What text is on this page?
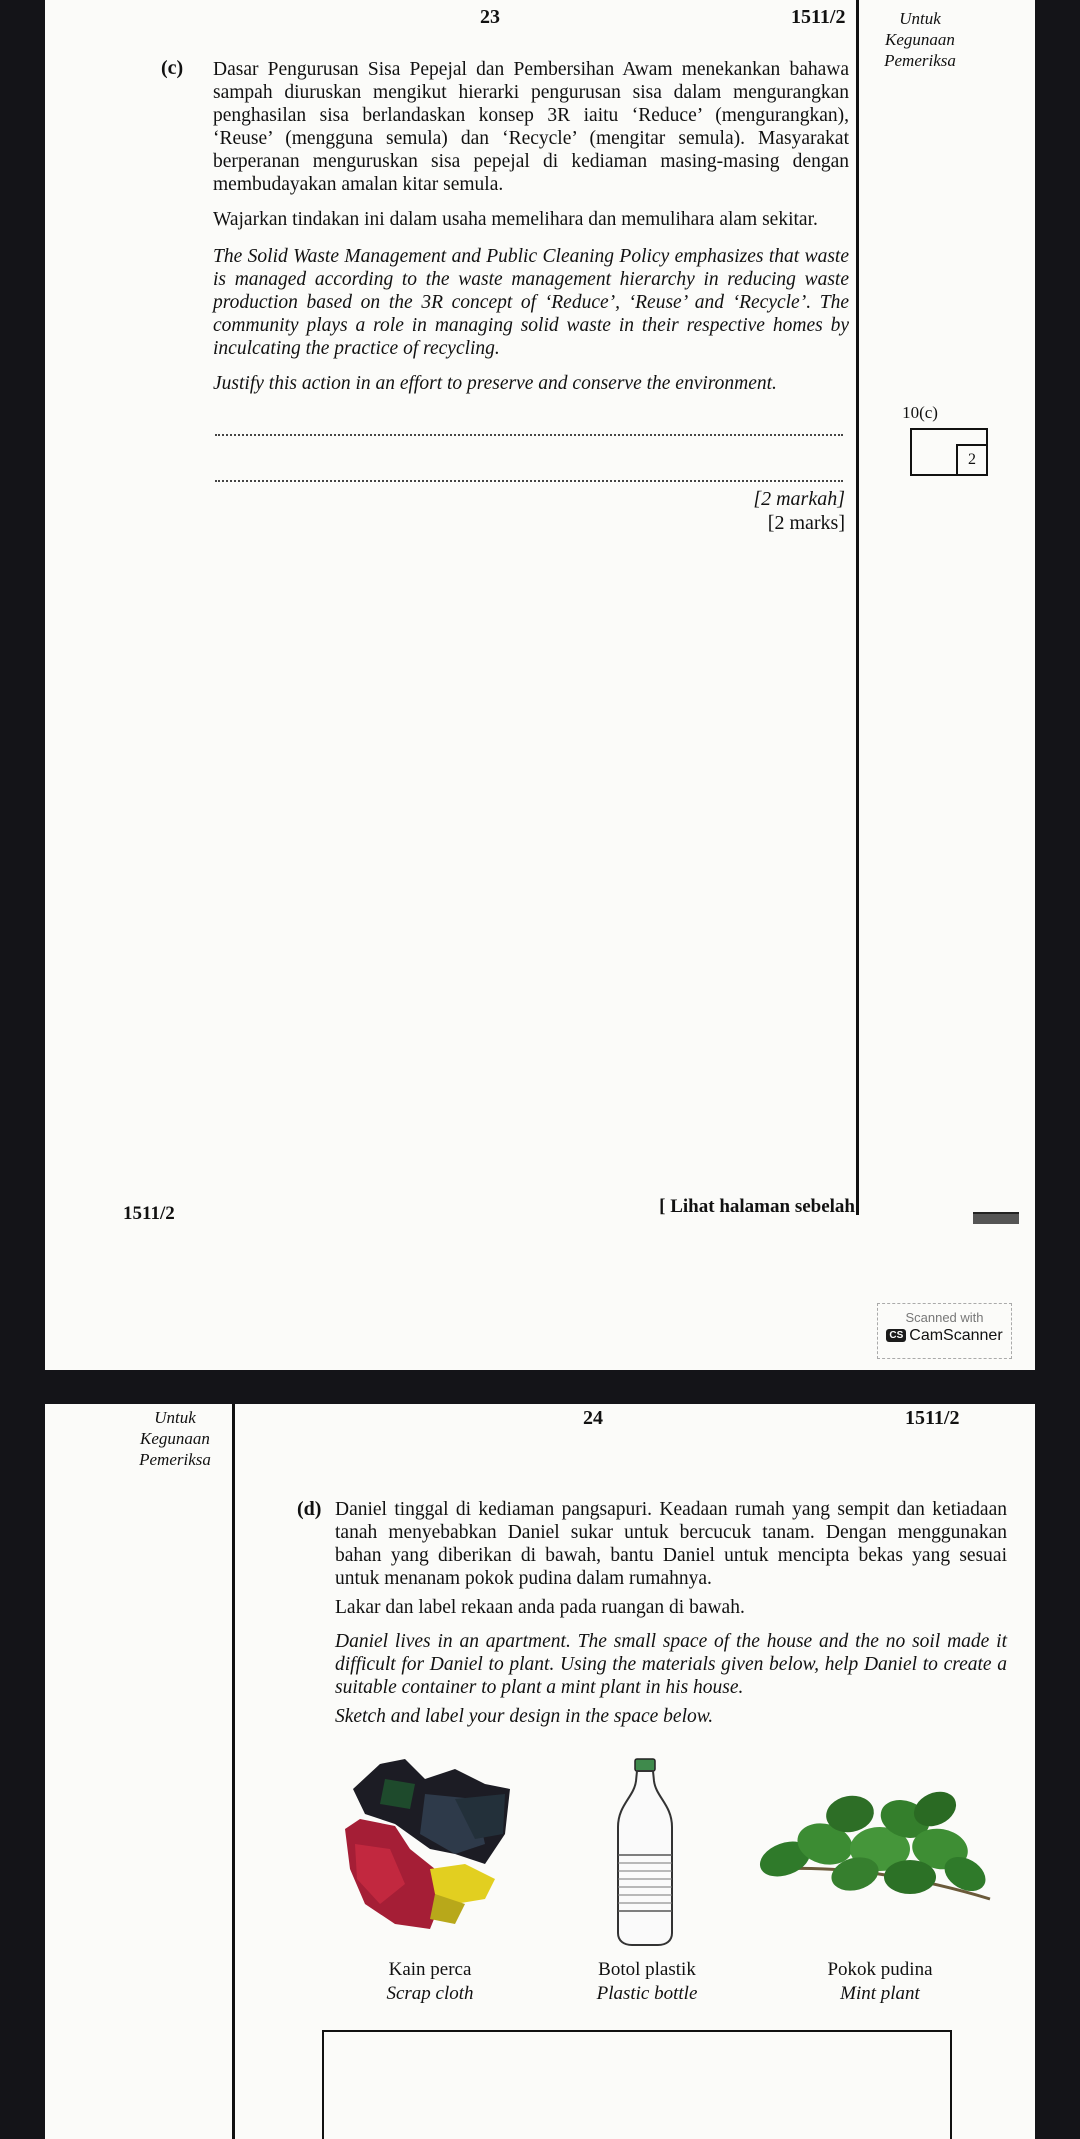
23	1511/2	Untuk
Kegunaan
Pemeriksa
(c) Dasar Pengurusan Sisa Pepejal dan Pembersihan Awam menekankan bahawa sampah diuruskan mengikut hierarki pengurusan sisa dalam mengurangkan penghasilan sisa berlandaskan konsep 3R iaitu ‘Reduce’ (mengurangkan), ‘Reuse’ (mengguna semula) dan ‘Recycle’ (mengitar semula). Masyarakat berperanan menguruskan sisa pepejal di kediaman masing-masing dengan membudayakan amalan kitar semula.
Wajarkan tindakan ini dalam usaha memelihara dan memulihara alam sekitar.
The Solid Waste Management and Public Cleaning Policy emphasizes that waste is managed according to the waste management hierarchy in reducing waste production based on the 3R concept of ‘Reduce’, ‘Reuse’ and ‘Recycle’. The community plays a role in managing solid waste in their respective homes by inculcating the practice of recycling.
Justify this action in an effort to preserve and conserve the environment.
[2 markah]
[2 marks]
10(c)
2
1511/2	[ Lihat halaman sebelah
Scanned with
CS CamScanner
Untuk
Kegunaan
Pemeriksa
24	1511/2
(d) Daniel tinggal di kediaman pangsapuri. Keadaan rumah yang sempit dan ketiadaan tanah menyebabkan Daniel sukar untuk bercucuk tanam. Dengan menggunakan bahan yang diberikan di bawah, bantu Daniel untuk mencipta bekas yang sesuai untuk menanam pokok pudina dalam rumahnya.
Lakar dan label rekaan anda pada ruangan di bawah.
Daniel lives in an apartment. The small space of the house and the no soil made it difficult for Daniel to plant. Using the materials given below, help Daniel to create a suitable container to plant a mint plant in his house.
Sketch and label your design in the space below.
Kain perca
Scrap cloth
Botol plastik
Plastic bottle
Pokok pudina
Mint plant
